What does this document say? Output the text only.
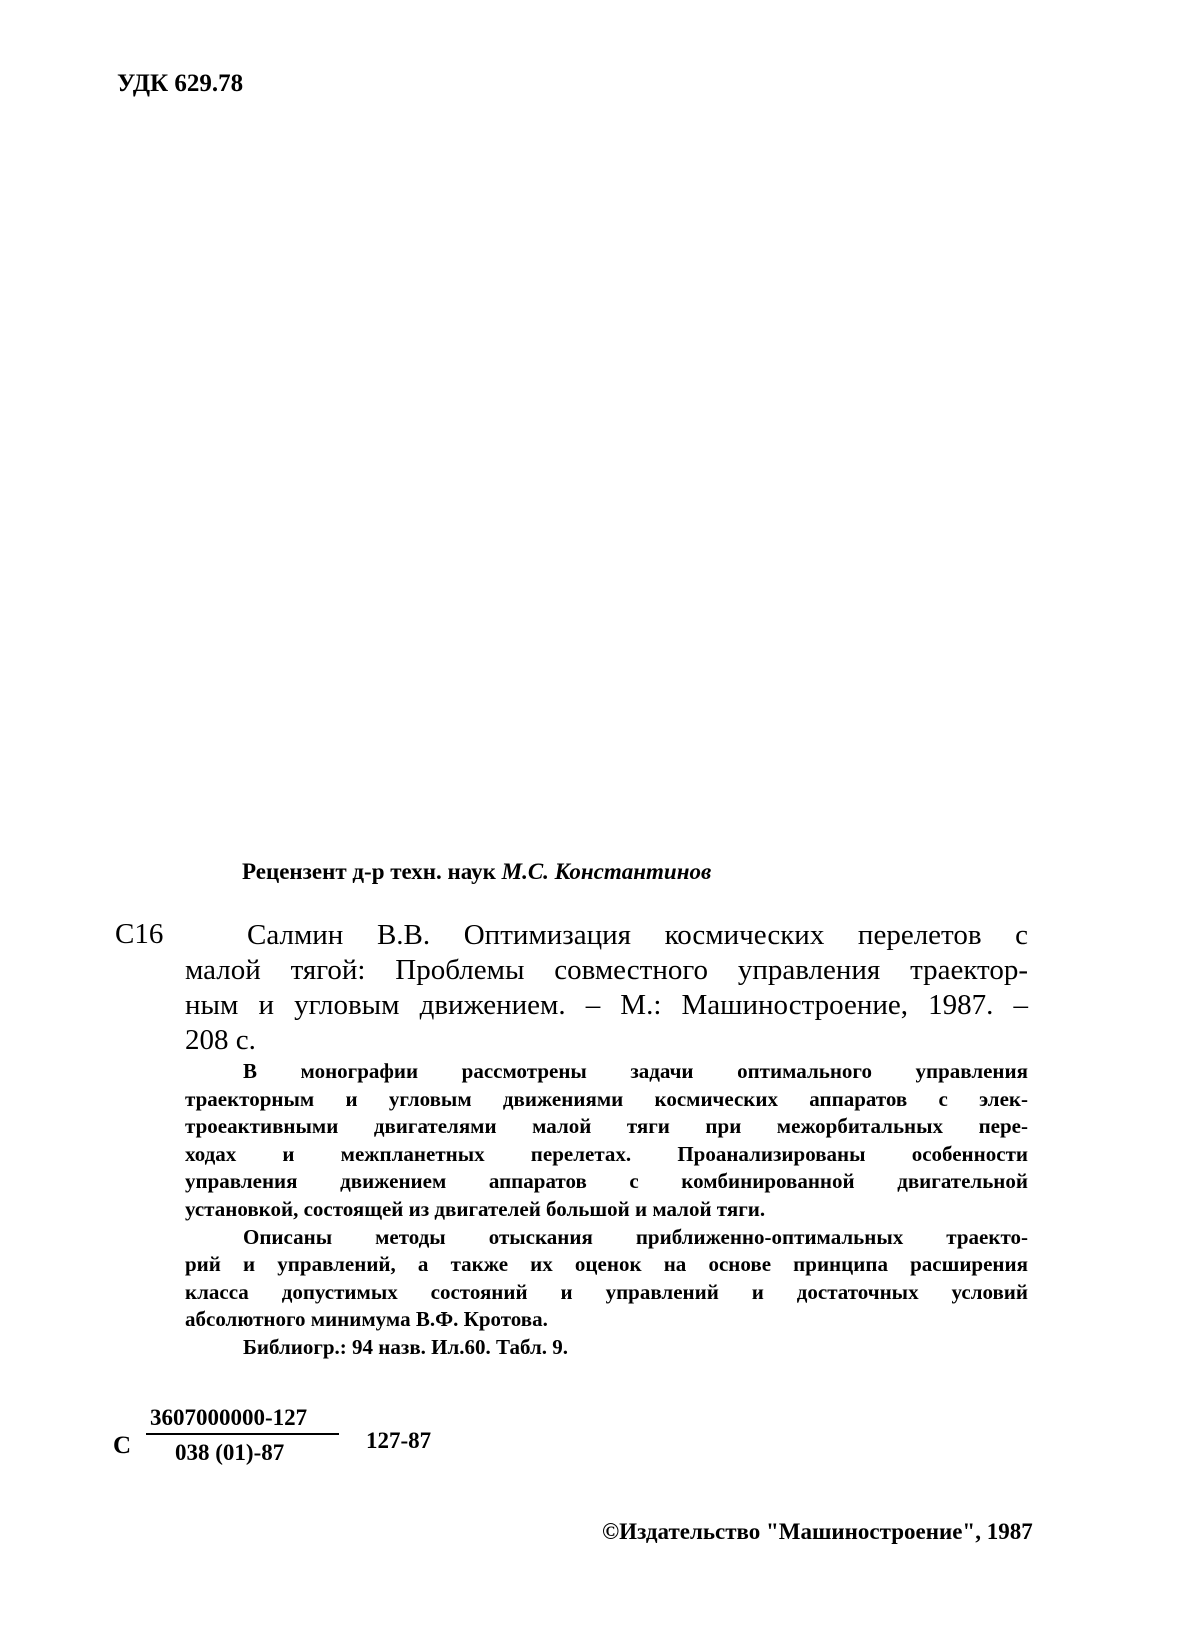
УДК 629.78
Рецензент д-р техн. наук М.С. Константинов
С16	Салмин В.В. Оптимизация космических перелетов с
малой тягой: Проблемы совместного управления траектор-
ным и угловым движением. – М.: Машиностроение, 1987. –
208 с.
В монографии рассмотрены задачи оптимального управления
траекторным и угловым движениями космических аппаратов с элек-
троеактивными двигателями малой тяги при межорбитальных пере-
ходах и межпланетных перелетах. Проанализированы особенности
управления движением аппаратов с комбинированной двигательной
установкой, состоящей из двигателей большой и малой тяги.
Описаны методы отыскания приближенно-оптимальных траекто-
рий и управлений, а также их оценок на основе принципа расширения
класса допустимых состояний и управлений и достаточных условий
абсолютного минимума В.Ф. Кротова.
Библиогр.: 94 назв. Ил.60. Табл. 9.
С
3607000000-127
038 (01)-87	127-87
©Издательство "Машиностроение", 1987
